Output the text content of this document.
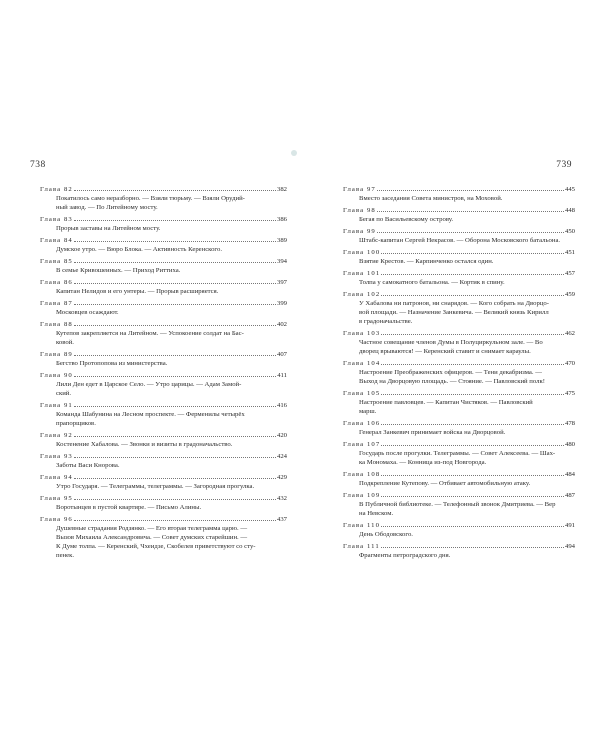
738	739
Глава 82	382
Покатилось само неразборно. — Взяли тюрьму. — Взяли Орудий-
ный завод. — По Литейному мосту.
Глава 83	386
Прорыв заставы на Литейном мосту.
Глава 84	389
Думское утро. — Вюро Блока. — Активность Керенского.
Глава 85	394
В семье Кривошеиных. — Приход Риттиха.
Глава 86	397
Капитан Нелидов и его унтеры. — Прорыв расширяется.
Глава 87	399
Московцев осаждают.
Глава 88	402
Кутепов закрепляется на Литейном. — Успокоение солдат на Бас-
ковой.
Глава 89	407
Бегство Протопопова из министерства.
Глава 90	411
Лили Ден едет в Царское Село. — Утро царицы. — Адам Замой-
ский.
Глава 91	416
Команда Шабунина на Лесном проспекте. — Ферменилы четырёх
прапорщиков.
Глава 92	420
Костенение Хабалова. — Звонки и визиты в градоначальство.
Глава 93	424
Заботы Васи Кнорова.
Глава 94	429
Утро Государя. — Телеграммы, телеграммы. — Загородная прогулка.
Глава 95	432
Воротынцев в пустой квартире. — Письмо Алины.
Глава 96	437
Душевные страдания Родзянко. — Его вторая телеграмма царю. —
Вызов Михаила Александровича. — Совет думских старейшин. —
К Думе толпа. — Керенский, Чхеидзе, Скобелев приветствуют со сту-
пенек.
Глава 97	445
Вместо заседания Совета министров, на Моховой.
Глава 98	448
Бегая по Васильевскому острову.
Глава 99	450
Штабс-капитан Сергей Некрасов. — Оборона Московского батальона.
Глава 100	451
Взятие Крестов. — Карпинченко остался один.
Глава 101	457
Толпа у самокатного батальона. — Кортик в спину.
Глава 102	459
У Хабалова ни патронов, ни снарядов. — Кого собрать на Дворцо-
вой площади. — Назначение Занкевича. — Великий князь Кирилл
в градоначальстве.
Глава 103	462
Частное совещание членов Думы в Полуциркульном зале. — Во
дворец врываются! — Керенский ставит и снимает караулы.
Глава 104	470
Настроение Преображенских офицеров. — Тени декабризма. —
Выход на Дворцовую площадь. — Стояние. — Павловский полк!
Глава 105	475
Настроение павловцев. — Капитан Чистяков. — Павловский
марш.
Глава 106	478
Генерал Занкевич принимает войска на Дворцовой.
Глава 107	480
Государь после прогулки. Телеграммы. — Совет Алексеева. — Шах-
ка Мономаха. — Конница из-под Новгорода.
Глава 108	484
Подкрепление Кутепову. — Отбивает автомобильную атаку.
Глава 109	487
В Публичной библиотеке. — Телефонный звонок Дмитриева. — Вер
на Невском.
Глава 110	491
День Ободовского.
Глава 111	494
Фрагменты петроградского дня.
